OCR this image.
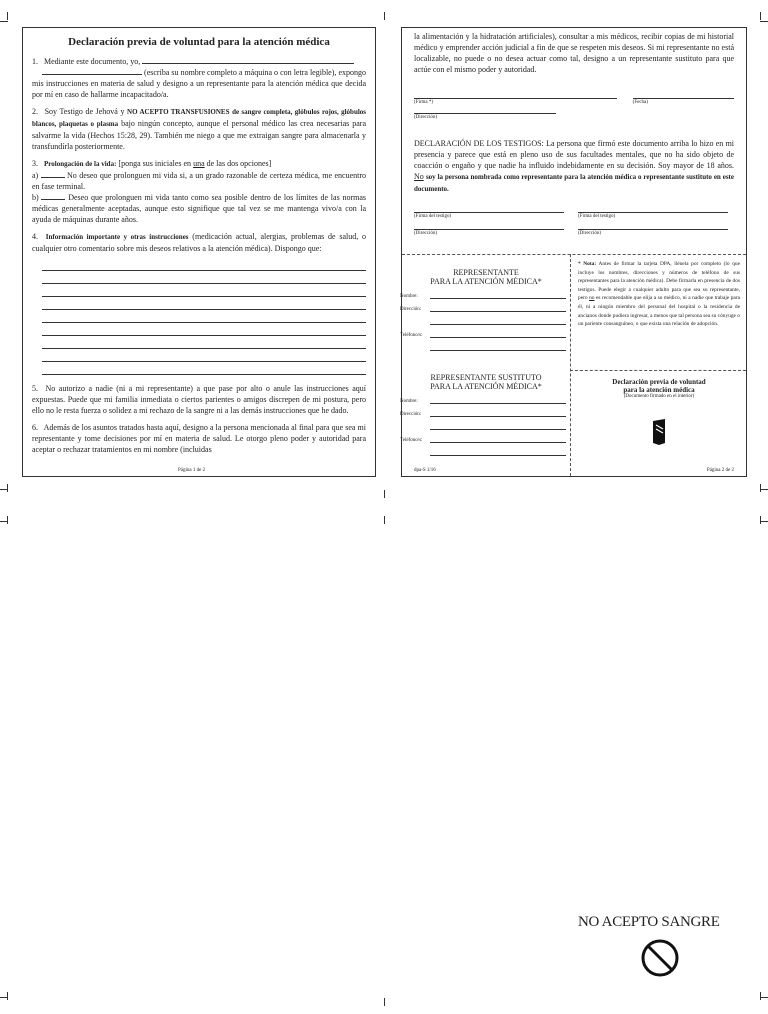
Declaración previa de voluntad para la atención médica
1. Mediante este documento, yo,
(escriba su nombre completo a máquina o con letra legible), expongo mis instrucciones en materia de salud y designo a un representante para la atención médica que decida por mí en caso de hallarme incapacitado/a.
2. Soy Testigo de Jehová y NO ACEPTO TRANSFUSIONES de sangre completa, glóbulos rojos, glóbulos blancos, plaquetas o plasma bajo ningún concepto, aunque el personal médico las crea necesarias para salvarme la vida (Hechos 15:28, 29). También me niego a que me extraigan sangre para almacenarla y transfundírla posteriormente.
3. Prolongación de la vida: [ponga sus iniciales en una de las dos opciones]
a)	No deseo que prolonguen mi vida si, a un grado razonable de certeza médica, me encuentro en fase terminal.
b)	Deseo que prolonguen mi vida tanto como sea posible dentro de los límites de las normas médicas generalmente aceptadas, aunque esto signifique que tal vez se me mantenga vivo/a con la ayuda de máquinas durante años.
4. Información importante y otras instrucciones (medicación actual, alergias, problemas de salud, o cualquier otro comentario sobre mis deseos relativos a la atención médica). Dispongo que:
5. No autorizo a nadie (ni a mi representante) a que pase por alto o anule las instrucciones aquí expuestas. Puede que mi familia inmediata o ciertos parientes o amigos discrepen de mi postura, pero ello no le resta fuerza o solidez a mi rechazo de la sangre ni a las demás instrucciones que he dado.
6. Además de los asuntos tratados hasta aquí, designo a la persona mencionada al final para que sea mi representante y tome decisiones por mí en materia de salud. Le otorgo pleno poder y autoridad para aceptar o rechazar tratamientos en mi nombre (incluidas
Página 1 de 2
la alimentación y la hidratación artificiales), consultar a mis médicos, recibir copias de mi historial médico y emprender acción judicial a fin de que se respeten mis deseos. Si mi representante no está localizable, no puede o no desea actuar como tal, designo a un representante sustituto para que actúe con el mismo poder y autoridad.
(Firma *)	(Fecha)
(Dirección)
DECLARACIÓN DE LOS TESTIGOS: La persona que firmó este documento arriba lo hizo en mi presencia y parece que está en pleno uso de sus facultades mentales, que no ha sido objeto de coacción o engaño y que nadie ha influido indebidamente en su decisión. Soy mayor de 18 años. No soy la persona nombrada como representante para la atención médica o representante sustituto en este documento.
(Firma del testigo)	(Firma del testigo)
(Dirección)	(Dirección)
REPRESENTANTE
PARA LA ATENCIÓN MÉDICA*
Nombre:
Dirección:
Teléfono/s:
REPRESENTANTE SUSTITUTO
PARA LA ATENCIÓN MÉDICA*
Nombre:
Dirección:
Teléfono/s:
* Nota: Antes de firmar la tarjeta DPA, llénela por completo (lo que incluye los nombres, direcciones y números de teléfono de sus representantes para la atención médica). Debe firmarla en presencia de dos testigos. Puede elegir a cualquier adulto para que sea su representante, pero no es recomendable que elija a su médico, ni a nadie que trabaje para él, ni a ningún miembro del personal del hospital o la residencia de ancianos donde pudiera ingresar, a menos que tal persona sea su cónyuge o un pariente consanguíneo, o que exista una relación de adopción.
Declaración previa de voluntad
para la atención médica
(Documento firmado en el interior)
dpa-S 1/16	Página 2 de 2
NO ACEPTO SANGRE
